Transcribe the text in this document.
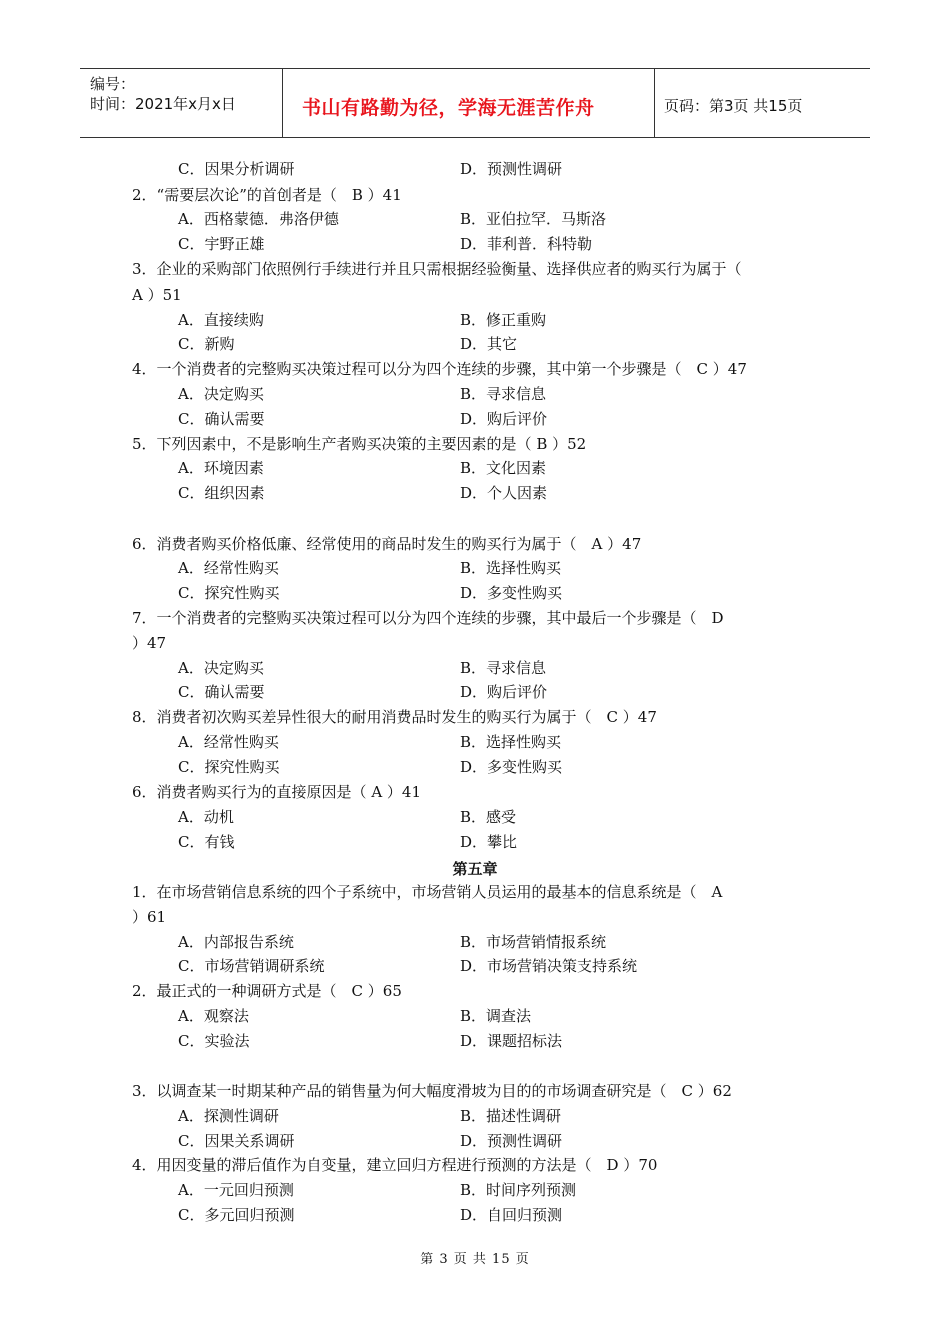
编号：
时间：2021年x月x日	书山有路勤为径，学海无涯苦作舟	页码：第3页 共15页
C．因果分析调研	D．预测性调研
2．“需要层次论”的首创者是（　B ）41
A．西格蒙德．弗洛伊德	B．亚伯拉罕．马斯洛
C．宇野正雄	D．菲利普．科特勒
3．企业的采购部门依照例行手续进行并且只需根据经验衡量、选择供应者的购买行为属于（
A ）51
A．直接续购	B．修正重购
C．新购	D．其它
4．一个消费者的完整购买决策过程可以分为四个连续的步骤，其中第一个步骤是（　C ）47
A．决定购买	B．寻求信息
C．确认需要	D．购后评价
5．下列因素中，不是影响生产者购买决策的主要因素的是（ B ）52
A．环境因素	B．文化因素
C．组织因素	D．个人因素
6．消费者购买价格低廉、经常使用的商品时发生的购买行为属于（　A ）47
A．经常性购买	B．选择性购买
C．探究性购买	D．多变性购买
7．一个消费者的完整购买决策过程可以分为四个连续的步骤，其中最后一个步骤是（　D
）47
A．决定购买	B．寻求信息
C．确认需要	D．购后评价
8．消费者初次购买差异性很大的耐用消费品时发生的购买行为属于（　C ）47
A．经常性购买	B．选择性购买
C．探究性购买	D．多变性购买
6．消费者购买行为的直接原因是（ A ）41
A．动机	B．感受
C．有钱	D．攀比
第五章
1．在市场营销信息系统的四个子系统中，市场营销人员运用的最基本的信息系统是（　A
）61
A．内部报告系统	B．市场营销情报系统
C．市场营销调研系统	D．市场营销决策支持系统
2．最正式的一种调研方式是（　C ）65
A．观察法	B．调查法
C．实验法	D．课题招标法
3．以调查某一时期某种产品的销售量为何大幅度滑坡为目的的市场调查研究是（　C ）62
A．探测性调研	B．描述性调研
C．因果关系调研	D．预测性调研
4．用因变量的滞后值作为自变量，建立回归方程进行预测的方法是（　D ）70
A．一元回归预测	B．时间序列预测
C．多元回归预测	D．自回归预测
第 3 页 共 15 页
